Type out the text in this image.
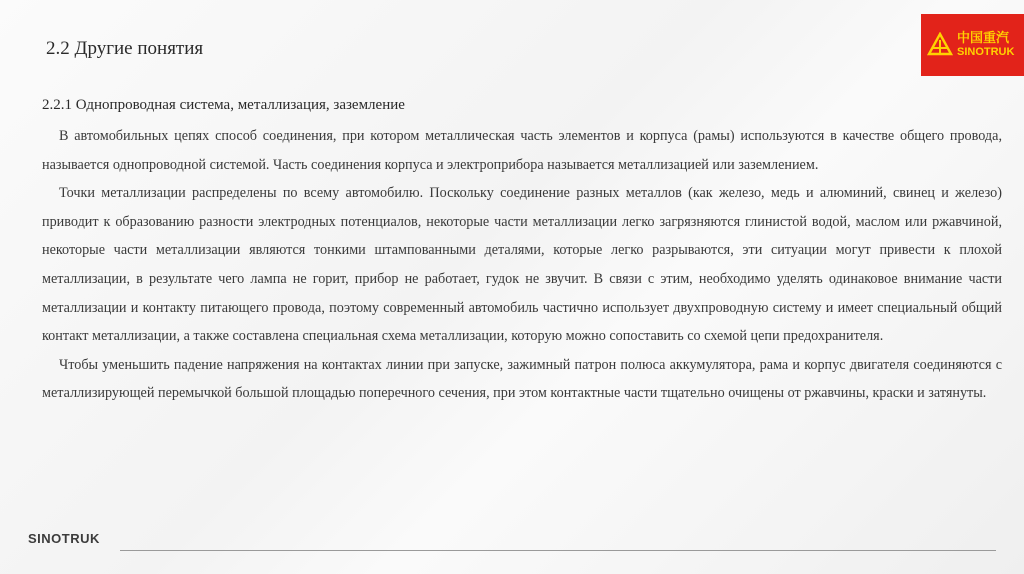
2.2 Другие понятия	中国重汽
SINOTRUK
2.2.1 Однопроводная система, металлизация, заземление

В автомобильных цепях способ соединения, при котором металлическая часть элементов и корпуса (рамы) используются в качестве общего провода, называется однопроводной системой. Часть соединения корпуса и электроприбора называется металлизацией или заземлением.

Точки металлизации распределены по всему автомобилю. Поскольку соединение разных металлов (как железо, медь и алюминий, свинец и железо) приводит к образованию разности электродных потенциалов, некоторые части металлизации легко загрязняются глинистой водой, маслом или ржавчиной, некоторые части металлизации являются тонкими штампованными деталями, которые легко разрываются, эти ситуации могут привести к плохой металлизации, в результате чего лампа не горит, прибор не работает, гудок не звучит. В связи с этим, необходимо уделять одинаковое внимание части металлизации и контакту питающего провода, поэтому современный автомобиль частично использует двухпроводную систему и имеет специальный общий контакт металлизации, а также составлена специальная схема металлизации, которую можно сопоставить со схемой цепи предохранителя.

Чтобы уменьшить падение напряжения на контактах линии при запуске, зажимный патрон полюса аккумулятора, рама и корпус двигателя соединяются с металлизирующей перемычкой большой площадью поперечного сечения, при этом контактные части тщательно очищены от ржавчины, краски и затянуты.

SINOTRUK
